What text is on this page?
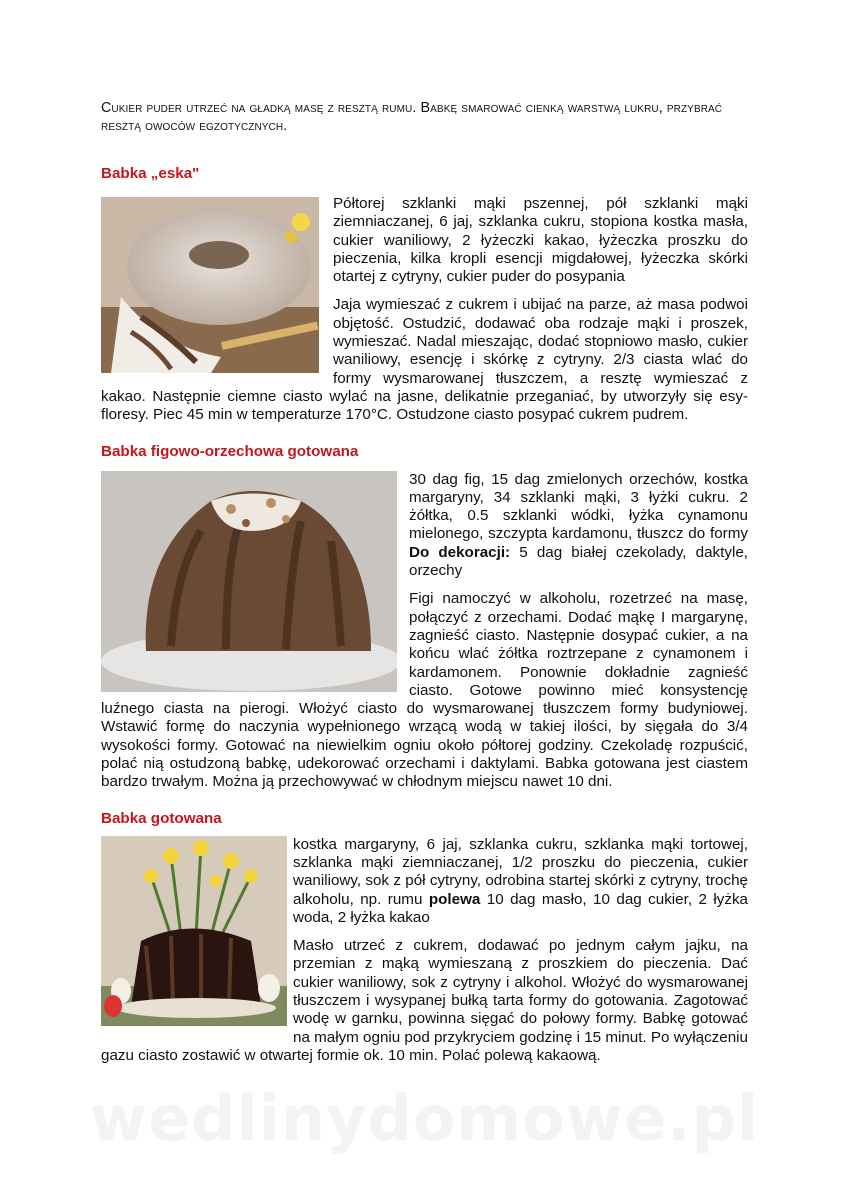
wedlinydomowe.pl

Cukier puder utrzeć na gładką masę z resztą rumu. Babkę smarować cienką warstwą lukru, przybrać resztą owoców egzotycznych.

Babka „eska"

Półtorej szklanki mąki pszennej, pół szklanki mąki ziemniaczanej, 6 jaj, szklanka cukru, stopiona kostka masła, cukier waniliowy, 2 łyżeczki kakao, łyżeczka proszku do pieczenia, kilka kropli esencji migdałowej, łyżeczka skórki otartej z cytryny, cukier puder do posypania

Jaja wymieszać z cukrem i ubijać na parze, aż masa podwoi objętość. Ostudzić, dodawać oba rodzaje mąki i proszek, wymieszać. Nadal mieszając, dodać stopniowo masło, cukier waniliowy, esencję i skórkę z cytryny. 2/3 ciasta wlać do formy wysmarowanej tłuszczem, a resztę wymieszać z kakao. Następnie ciemne ciasto wylać na jasne, delikatnie przeganiać, by utworzyły się esy-floresy. Piec 45 min w temperaturze 170°C. Ostudzone ciasto posypać cukrem pudrem.

Babka figowo-orzechowa gotowana

30 dag fig, 15 dag zmielonych orzechów, kostka margaryny, 34 szklanki mąki, 3 łyżki cukru. 2 żółtka, 0.5 szklanki wódki, łyżka cynamonu mielonego, szczypta kardamonu, tłuszcz do formy Do dekoracji: 5 dag białej czekolady, daktyle, orzechy

Figi namoczyć w alkoholu, rozetrzeć na masę, połączyć z orzechami. Dodać mąkę I margarynę, zagnieść ciasto. Następnie dosypać cukier, a na końcu wlać żółtka roztrzepane z cynamonem i kardamonem. Ponownie dokładnie zagnieść ciasto. Gotowe powinno mieć konsystencję luźnego ciasta na pierogi. Włożyć ciasto do wysmarowanej tłuszczem formy budyniowej. Wstawić formę do naczynia wypełnionego wrzącą wodą w takiej ilości, by sięgała do 3/4 wysokości formy. Gotować na niewielkim ogniu około półtorej godziny. Czekoladę rozpuścić, polać nią ostudzoną babkę, udekorować orzechami i daktylami. Babka gotowana jest ciastem bardzo trwałym. Można ją przechowywać w chłodnym miejscu nawet 10 dni.

Babka gotowana

kostka margaryny, 6 jaj, szklanka cukru, szklanka mąki tortowej, szklanka mąki ziemniaczanej, 1/2 proszku do pieczenia, cukier waniliowy, sok z pół cytryny, odrobina startej skórki z cytryny, trochę alkoholu, np. rumu polewa 10 dag masło, 10 dag cukier, 2 łyżka woda, 2 łyżka kakao

Masło utrzeć z cukrem, dodawać po jednym całym jajku, na przemian z mąką wymieszaną z proszkiem do pieczenia. Dać cukier waniliowy, sok z cytryny i alkohol. Włożyć do wysmarowanej tłuszczem i wysypanej bułką tarta formy do gotowania. Zagotować wodę w garnku, powinna sięgać do połowy formy. Babkę gotować na małym ogniu pod przykryciem godzinę i 15 minut. Po wyłączeniu gazu ciasto zostawić w otwartej formie ok. 10 min. Polać polewą kakaową.
